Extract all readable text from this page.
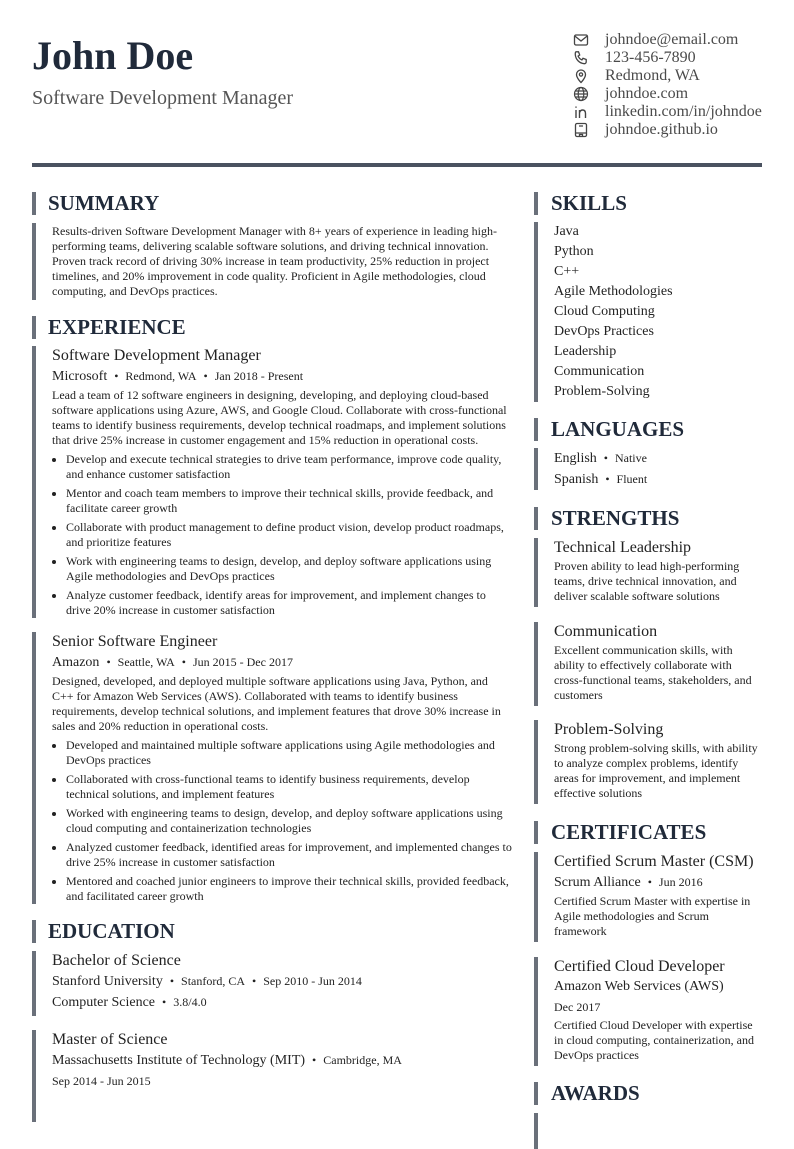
John Doe
Software Development Manager
johndoe@email.com
123-456-7890
Redmond, WA
johndoe.com
linkedin.com/in/johndoe
johndoe.github.io
SUMMARY
Results-driven Software Development Manager with 8+ years of experience in leading high-performing teams, delivering scalable software solutions, and driving technical innovation. Proven track record of driving 30% increase in team productivity, 25% reduction in project timelines, and 20% improvement in code quality. Proficient in Agile methodologies, cloud computing, and DevOps practices.
EXPERIENCE
Software Development Manager
Microsoft • Redmond, WA • Jan 2018 - Present
Lead a team of 12 software engineers in designing, developing, and deploying cloud-based software applications using Azure, AWS, and Google Cloud. Collaborate with cross-functional teams to identify business requirements, develop technical roadmaps, and implement solutions that drive 25% increase in customer engagement and 15% reduction in operational costs.
• Develop and execute technical strategies to drive team performance, improve code quality, and enhance customer satisfaction
• Mentor and coach team members to improve their technical skills, provide feedback, and facilitate career growth
• Collaborate with product management to define product vision, develop product roadmaps, and prioritize features
• Work with engineering teams to design, develop, and deploy software applications using Agile methodologies and DevOps practices
• Analyze customer feedback, identify areas for improvement, and implement changes to drive 20% increase in customer satisfaction
Senior Software Engineer
Amazon • Seattle, WA • Jun 2015 - Dec 2017
Designed, developed, and deployed multiple software applications using Java, Python, and C++ for Amazon Web Services (AWS). Collaborated with teams to identify business requirements, develop technical solutions, and implement features that drove 30% increase in sales and 20% reduction in operational costs.
• Developed and maintained multiple software applications using Agile methodologies and DevOps practices
• Collaborated with cross-functional teams to identify business requirements, develop technical solutions, and implement features
• Worked with engineering teams to design, develop, and deploy software applications using cloud computing and containerization technologies
• Analyzed customer feedback, identified areas for improvement, and implemented changes to drive 25% increase in customer satisfaction
• Mentored and coached junior engineers to improve their technical skills, provided feedback, and facilitated career growth
EDUCATION
Bachelor of Science
Stanford University • Stanford, CA • Sep 2010 - Jun 2014
Computer Science • 3.8/4.0
Master of Science
Massachusetts Institute of Technology (MIT) • Cambridge, MA
Sep 2014 - Jun 2015
SKILLS
Java
Python
C++
Agile Methodologies
Cloud Computing
DevOps Practices
Leadership
Communication
Problem-Solving
LANGUAGES
English • Native
Spanish • Fluent
STRENGTHS
Technical Leadership
Proven ability to lead high-performing teams, drive technical innovation, and deliver scalable software solutions
Communication
Excellent communication skills, with ability to effectively collaborate with cross-functional teams, stakeholders, and customers
Problem-Solving
Strong problem-solving skills, with ability to analyze complex problems, identify areas for improvement, and implement effective solutions
CERTIFICATES
Certified Scrum Master (CSM)
Scrum Alliance • Jun 2016
Certified Scrum Master with expertise in Agile methodologies and Scrum framework
Certified Cloud Developer
Amazon Web Services (AWS)
Dec 2017
Certified Cloud Developer with expertise in cloud computing, containerization, and DevOps practices
AWARDS
